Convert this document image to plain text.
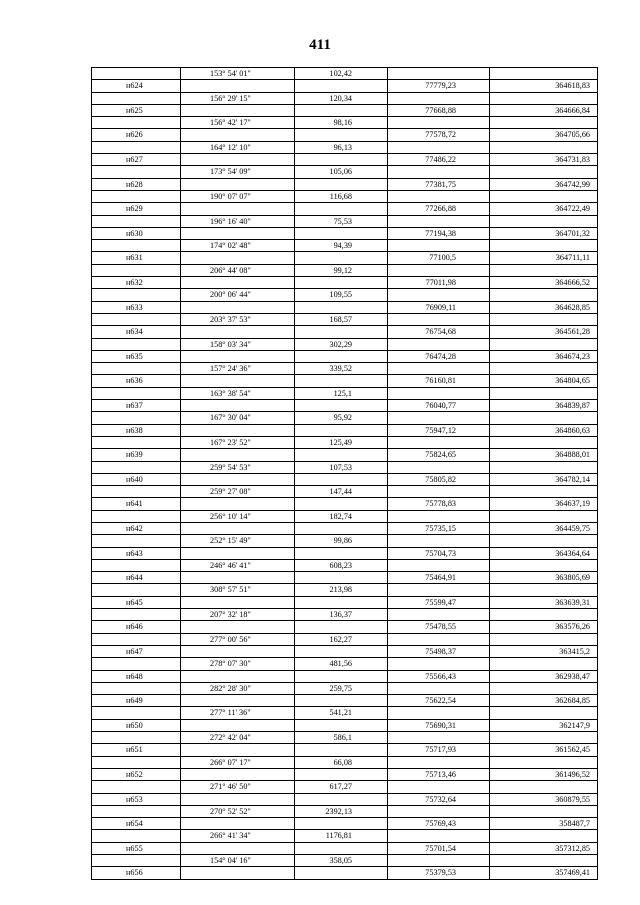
411
153° 54' 01"	102,42
н624	77779,23	364618,83
156° 29' 15"	120,34
н625	77668,88	364666,84
156° 42' 17"	98,16
н626	77578,72	364705,66
164° 12' 10"	96,13
н627	77486,22	364731,83
173° 54' 09"	105,06
н628	77381,75	364742,99
190° 07' 07"	116,68
н629	77266,88	364722,49
196° 16' 40"	75,53
н630	77194,38	364701,32
174° 02' 48"	94,39
н631	77100,5	364711,11
206° 44' 08"	99,12
н632	77011,98	364666,52
200° 06' 44"	109,55
н633	76909,11	364628,85
203° 37' 53"	168,57
н634	76754,68	364561,28
158° 03' 34"	302,29
н635	76474,28	364674,23
157° 24' 36"	339,52
н636	76160,81	364804,65
163° 38' 54"	125,1
н637	76040,77	364839,87
167° 30' 04"	95,92
н638	75947,12	364860,63
167° 23' 52"	125,49
н639	75824,65	364888,01
259° 54' 53"	107,53
н640	75805,82	364782,14
259° 27' 08"	147,44
н641	75778,83	364637,19
256° 10' 14"	182,74
н642	75735,15	364459,75
252° 15' 49"	99,86
н643	75704,73	364364,64
246° 46' 41"	608,23
н644	75464,91	363805,69
308° 57' 51"	213,98
н645	75599,47	363639,31
207° 32' 18"	136,37
н646	75478,55	363576,26
277° 00' 56"	162,27
н647	75498,37	363415,2
278° 07' 30"	481,56
н648	75566,43	362938,47
282° 28' 30"	259,75
н649	75622,54	362684,85
277° 11' 36"	541,21
н650	75690,31	362147,9
272° 42' 04"	586,1
н651	75717,93	361562,45
266° 07' 17"	66,08
н652	75713,46	361496,52
271° 46' 50"	617,27
н653	75732,64	360879,55
270° 52' 52"	2392,13
н654	75769,43	358487,7
266° 41' 34"	1176,81
н655	75701,54	357312,85
154° 04' 16"	358,05
н656	75379,53	357469,41
